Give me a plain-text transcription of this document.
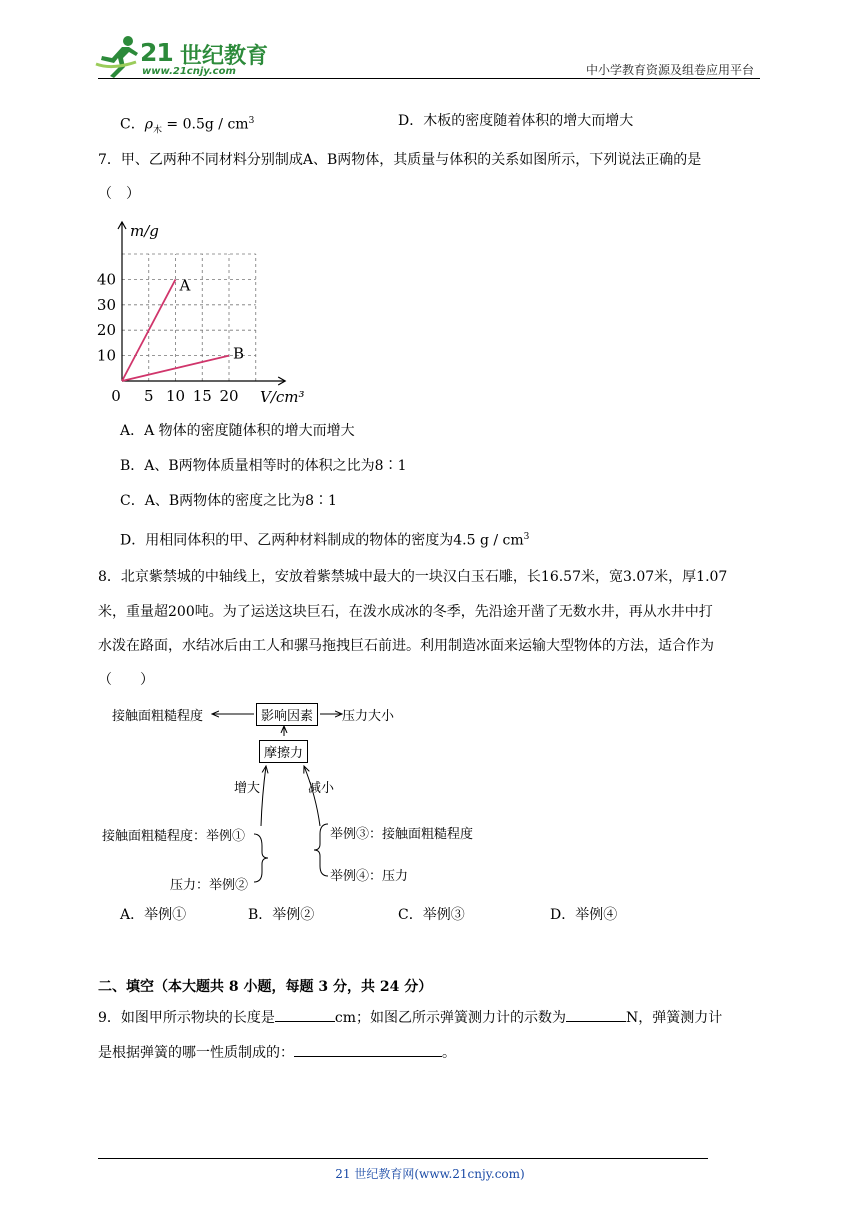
21 世纪教育
www.21cnjy.com	中小学教育资源及组卷应用平台
C．$\rho_木 = 0.5g / cm^3$	D．木板的密度随着体积的增大而增大
7．甲、乙两种不同材料分别制成A、B两物体，其质量与体积的关系如图所示，下列说法正确的是
（　）
A
B
0 5 10 15 20
10
20
30
40
m/g
V/cm³
A．A 物体的密度随体积的增大而增大
B．A、B两物体质量相等时的体积之比为8∶1
C．A、B两物体的密度之比为8∶1
D．用相同体积的甲、乙两种材料制成的物体的密度为4.5 g / $cm^3$
8．北京紫禁城的中轴线上，安放着紫禁城中最大的一块汉白玉石雕，长16.57米，宽3.07米，厚1.07
米，重量超200吨。为了运送这块巨石，在泼水成冰的冬季，先沿途开凿了无数水井，再从水井中打
水泼在路面，水结冰后由工人和骡马拖拽巨石前进。利用制造冰面来运输大型物体的方法，适合作为
（　　）
接触面粗糙程度	影响因素	压力大小
摩擦力
增大	减小
接触面粗糙程度：举例①
压力：举例②
举例③：接触面粗糙程度
举例④：压力
A．举例①	B．举例②	C．举例③	D．举例④
二、填空（本大题共 8 小题，每题 3 分，共 24 分）
9．如图甲所示物块的长度是	cm；如图乙所示弹簧测力计的示数为	N，弹簧测力计
是根据弹簧的哪一性质制成的：	。
21 世纪教育网(www.21cnjy.com)
